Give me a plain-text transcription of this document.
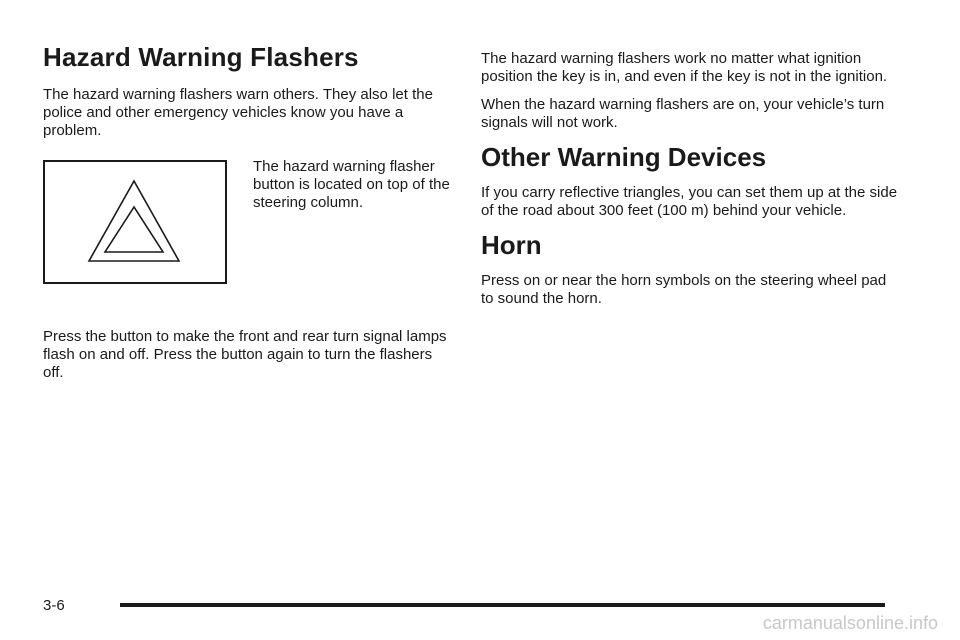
Hazard Warning Flashers

The hazard warning flashers warn others. They also let the police and other emergency vehicles know you have a problem.

The hazard warning flasher button is located on top of the steering column.

Press the button to make the front and rear turn signal lamps flash on and off. Press the button again to turn the flashers off.

The hazard warning flashers work no matter what ignition position the key is in, and even if the key is not in the ignition.

When the hazard warning flashers are on, your vehicle’s turn signals will not work.

Other Warning Devices

If you carry reflective triangles, you can set them up at the side of the road about 300 feet (100 m) behind your vehicle.

Horn

Press on or near the horn symbols on the steering wheel pad to sound the horn.

3-6
carmanualsonline.info
